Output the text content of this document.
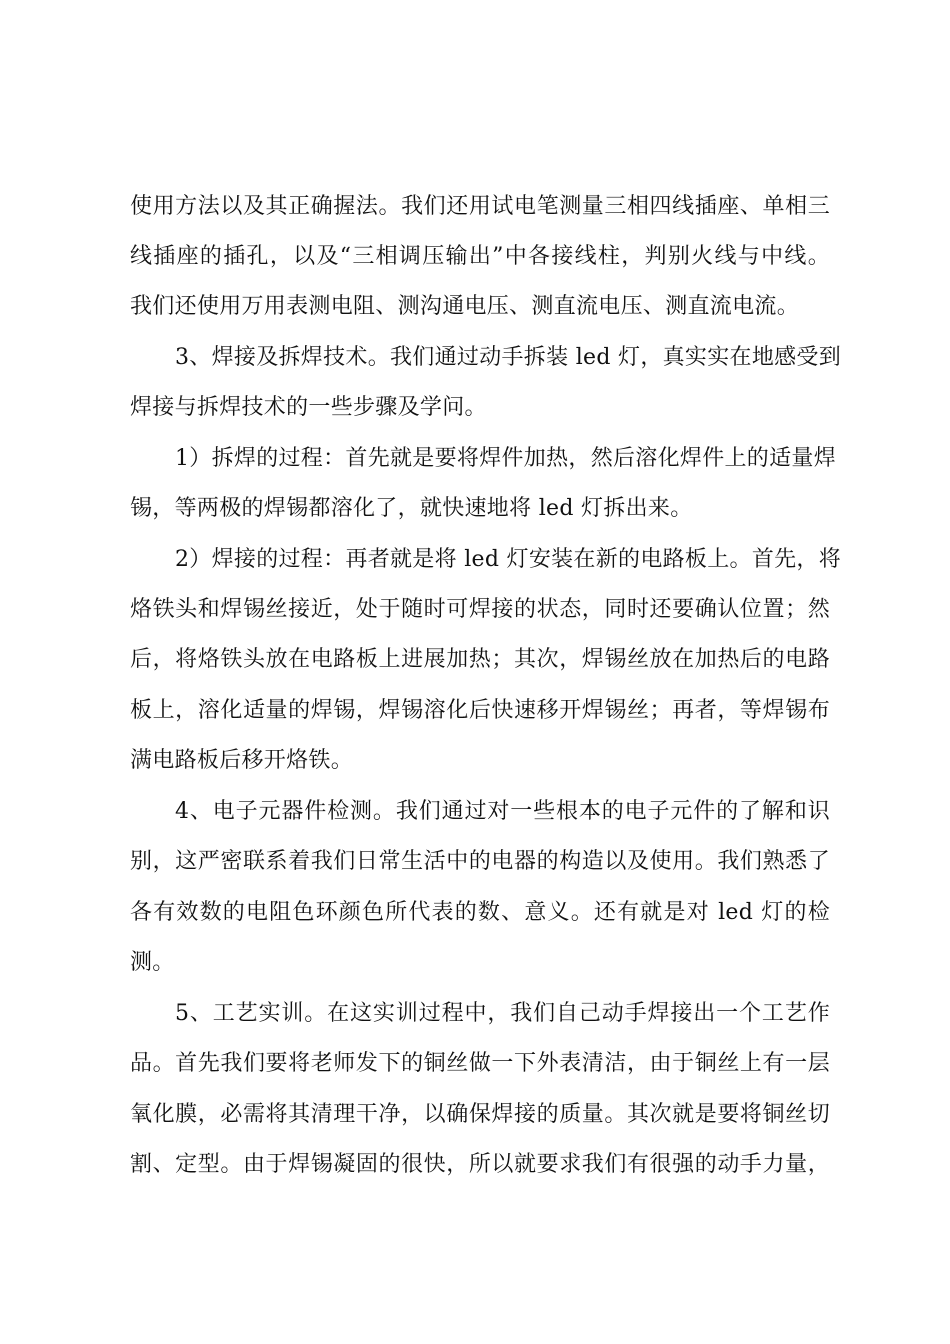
使用方法以及其正确握法。我们还用试电笔测量三相四线插座、单相三
线插座的插孔，以及“三相调压输出”中各接线柱，判别火线与中线。
我们还使用万用表测电阻、测沟通电压、测直流电压、测直流电流。
3、焊接及拆焊技术。我们通过动手拆装 led 灯，真实实在地感受到
焊接与拆焊技术的一些步骤及学问。
1）拆焊的过程：首先就是要将焊件加热，然后溶化焊件上的适量焊
锡，等两极的焊锡都溶化了，就快速地将 led 灯拆出来。
2）焊接的过程：再者就是将 led 灯安装在新的电路板上。首先，将
烙铁头和焊锡丝接近，处于随时可焊接的状态，同时还要确认位置；然
后，将烙铁头放在电路板上进展加热；其次，焊锡丝放在加热后的电路
板上，溶化适量的焊锡，焊锡溶化后快速移开焊锡丝；再者，等焊锡布
满电路板后移开烙铁。
4、电子元器件检测。我们通过对一些根本的电子元件的了解和识
别，这严密联系着我们日常生活中的电器的构造以及使用。我们熟悉了
各有效数的电阻色环颜色所代表的数、意义。还有就是对 led 灯的检
测。
5、工艺实训。在这实训过程中，我们自己动手焊接出一个工艺作
品。首先我们要将老师发下的铜丝做一下外表清洁，由于铜丝上有一层
氧化膜，必需将其清理干净，以确保焊接的质量。其次就是要将铜丝切
割、定型。由于焊锡凝固的很快，所以就要求我们有很强的动手力量，
